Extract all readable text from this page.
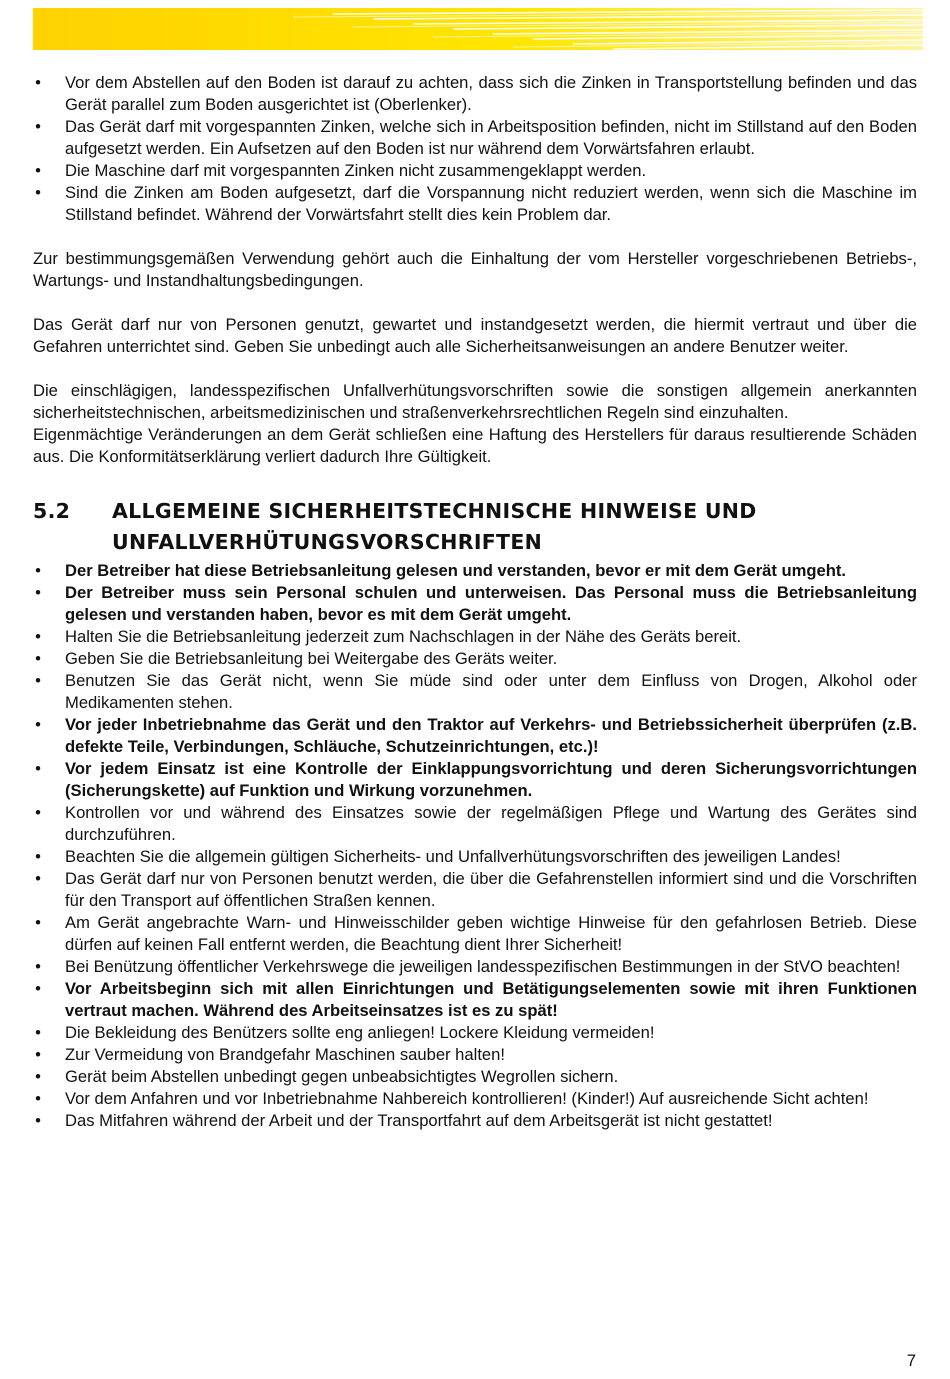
• Vor dem Abstellen auf den Boden ist darauf zu achten, dass sich die Zinken in Transportstellung befinden und das Gerät parallel zum Boden ausgerichtet ist (Oberlenker).
• Das Gerät darf mit vorgespannten Zinken, welche sich in Arbeitsposition befinden, nicht im Stillstand auf den Boden aufgesetzt werden. Ein Aufsetzen auf den Boden ist nur während dem Vorwärtsfahren erlaubt.
• Die Maschine darf mit vorgespannten Zinken nicht zusammengeklappt werden.
• Sind die Zinken am Boden aufgesetzt, darf die Vorspannung nicht reduziert werden, wenn sich die Maschine im Stillstand befindet. Während der Vorwärtsfahrt stellt dies kein Problem dar.

Zur bestimmungsgemäßen Verwendung gehört auch die Einhaltung der vom Hersteller vorgeschriebenen Betriebs-, Wartungs- und Instandhaltungsbedingungen.

Das Gerät darf nur von Personen genutzt, gewartet und instandgesetzt werden, die hiermit vertraut und über die Gefahren unterrichtet sind. Geben Sie unbedingt auch alle Sicherheitsanweisungen an andere Benutzer weiter.

Die einschlägigen, landesspezifischen Unfallverhütungsvorschriften sowie die sonstigen allgemein anerkannten sicherheitstechnischen, arbeitsmedizinischen und straßenverkehrsrechtlichen Regeln sind einzuhalten.

Eigenmächtige Veränderungen an dem Gerät schließen eine Haftung des Herstellers für daraus resultierende Schäden aus. Die Konformitätserklärung verliert dadurch Ihre Gültigkeit.

5.2 ALLGEMEINE SICHERHEITSTECHNISCHE HINWEISE UND UNFALLVERHÜTUNGSVORSCHRIFTEN
• Der Betreiber hat diese Betriebsanleitung gelesen und verstanden, bevor er mit dem Gerät umgeht.
• Der Betreiber muss sein Personal schulen und unterweisen. Das Personal muss die Betriebsanleitung gelesen und verstanden haben, bevor es mit dem Gerät umgeht.
• Halten Sie die Betriebsanleitung jederzeit zum Nachschlagen in der Nähe des Geräts bereit.
• Geben Sie die Betriebsanleitung bei Weitergabe des Geräts weiter.
• Benutzen Sie das Gerät nicht, wenn Sie müde sind oder unter dem Einfluss von Drogen, Alkohol oder Medikamenten stehen.
• Vor jeder Inbetriebnahme das Gerät und den Traktor auf Verkehrs- und Betriebssicherheit überprüfen (z.B. defekte Teile, Verbindungen, Schläuche, Schutzeinrichtungen, etc.)!
• Vor jedem Einsatz ist eine Kontrolle der Einklappungsvorrichtung und deren Sicherungsvorrichtungen (Sicherungskette) auf Funktion und Wirkung vorzunehmen.
• Kontrollen vor und während des Einsatzes sowie der regelmäßigen Pflege und Wartung des Gerätes sind durchzuführen.
• Beachten Sie die allgemein gültigen Sicherheits- und Unfallverhütungsvorschriften des jeweiligen Landes!
• Das Gerät darf nur von Personen benutzt werden, die über die Gefahrenstellen informiert sind und die Vorschriften für den Transport auf öffentlichen Straßen kennen.
• Am Gerät angebrachte Warn- und Hinweisschilder geben wichtige Hinweise für den gefahrlosen Betrieb. Diese dürfen auf keinen Fall entfernt werden, die Beachtung dient Ihrer Sicherheit!
• Bei Benützung öffentlicher Verkehrswege die jeweiligen landesspezifischen Bestimmungen in der StVO beachten!
• Vor Arbeitsbeginn sich mit allen Einrichtungen und Betätigungselementen sowie mit ihren Funktionen vertraut machen. Während des Arbeitseinsatzes ist es zu spät!
• Die Bekleidung des Benützers sollte eng anliegen! Lockere Kleidung vermeiden!
• Zur Vermeidung von Brandgefahr Maschinen sauber halten!
• Gerät beim Abstellen unbedingt gegen unbeabsichtigtes Wegrollen sichern.
• Vor dem Anfahren und vor Inbetriebnahme Nahbereich kontrollieren! (Kinder!) Auf ausreichende Sicht achten!
• Das Mitfahren während der Arbeit und der Transportfahrt auf dem Arbeitsgerät ist nicht gestattet!
7
